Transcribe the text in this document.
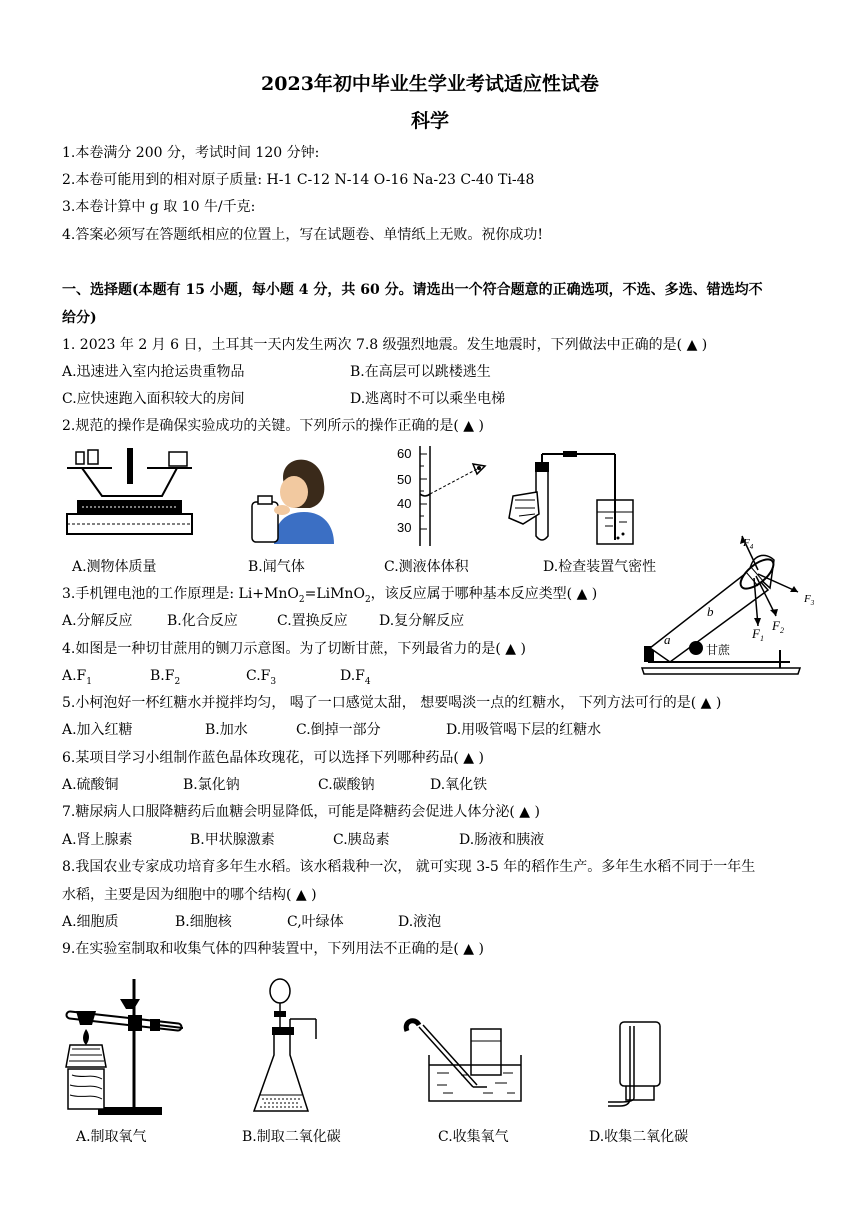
2023年初中毕业生学业考试适应性试卷
科学
1.本卷满分 200 分，考试时间 120 分钟:
2.本卷可能用到的相对原子质量: H-1 C-12 N-14 O-16 Na-23 C-40 Ti-48
3.本卷计算中 g 取 10 牛/千克:
4.答案必须写在答题纸相应的位置上，写在试题卷、单情纸上无败。祝你成功!
一、选择题(本题有 15 小题，每小题 4 分，共 60 分。请选出一个符合题意的正确选项，不选、多选、错选均不
给分)
1. 2023 年 2 月 6 日，土耳其一天内发生两次 7.8 级强烈地震。发生地震时，下列做法中正确的是( ▲ )
A.迅速进入室内抢运贵重物品	B.在高层可以跳楼逃生
C.应快速跑入面积较大的房间	D.逃离时不可以乘坐电梯
2.规范的操作是确保实验成功的关键。下列所示的操作正确的是( ▲ )
60
50
40
30
A.测物体质量	B.闻气体	C.测液体体积	D.检查装置气密性
$F_4$
$F_3$
$F_2$
$F_1$
b
a
甘蔗
3.手机锂电池的工作原理是: Li+MnO$_2$=LiMnO$_2$，该反应属于哪种基本反应类型( ▲ )
A.分解反应 B.化合反应	C.置换反应 D.复分解反应
4.如图是一种切甘蔗用的铡刀示意图。为了切断甘蔗，下列最省力的是( ▲ )
$A.F_1$	$B.F_2$	$C.F_3$	$D.F_4$
5.小柯泡好一杯红糖水并搅拌均匀， 喝了一口感觉太甜， 想要喝淡一点的红糖水， 下列方法可行的是( ▲ )
A.加入红糖	B.加水	C.倒掉一部分	D.用吸管喝下层的红糖水
6.某项目学习小组制作蓝色晶体玫瑰花，可以选择下列哪种药品( ▲ )
A.硫酸铜	B.氯化钠	C.碳酸钠	D.氧化铁
7.糖尿病人口服降糖药后血糖会明显降低，可能是降糖药会促进人体分泌( ▲ )
A.肾上腺素	B.甲状腺激素	C.胰岛素	D.肠液和胰液
8.我国农业专家成功培育多年生水稻。该水稻栽种一次， 就可实现 3-5 年的稻作生产。多年生水稻不同于一年生
水稻，主要是因为细胞中的哪个结构( ▲ )
A.细胞质	B.细胞核	C,叶绿体	D.液泡
9.在实验室制取和收集气体的四种装置中，下列用法不正确的是( ▲ )
A.制取氧气	B.制取二氧化碳	C.收集氧气	D.收集二氧化碳
